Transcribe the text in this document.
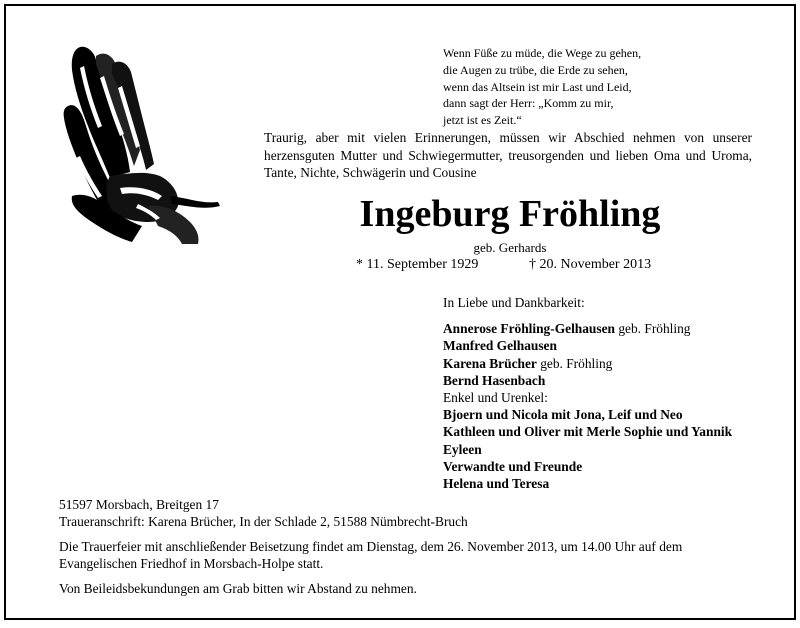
Wenn Füße zu müde, die Wege zu gehen,
die Augen zu trübe, die Erde zu sehen,
wenn das Altsein ist mir Last und Leid,
dann sagt der Herr: „Komm zu mir,
jetzt ist es Zeit.“
Traurig, aber mit vielen Erinnerungen, müssen wir Abschied nehmen von unserer herzensguten Mutter und Schwiegermutter, treusorgenden und lieben Oma und Uroma, Tante, Nichte, Schwägerin und Cousine
Ingeburg Fröhling
geb. Gerhards
* 11. September 1929	† 20. November 2013
In Liebe und Dankbarkeit:
Annerose Fröhling-Gelhausen geb. Fröhling
Manfred Gelhausen
Karena Brücher geb. Fröhling
Bernd Hasenbach
Enkel und Urenkel:
Bjoern und Nicola mit Jona, Leif und Neo
Kathleen und Oliver mit Merle Sophie und Yannik
Eyleen
Verwandte und Freunde
Helena und Teresa
51597 Morsbach, Breitgen 17
Traueranschrift: Karena Brücher, In der Schlade 2, 51588 Nümbrecht-Bruch
Die Trauerfeier mit anschließender Beisetzung findet am Dienstag, dem 26. November 2013, um 14.00 Uhr auf dem
Evangelischen Friedhof in Morsbach-Holpe statt.
Von Beileidsbekundungen am Grab bitten wir Abstand zu nehmen.
